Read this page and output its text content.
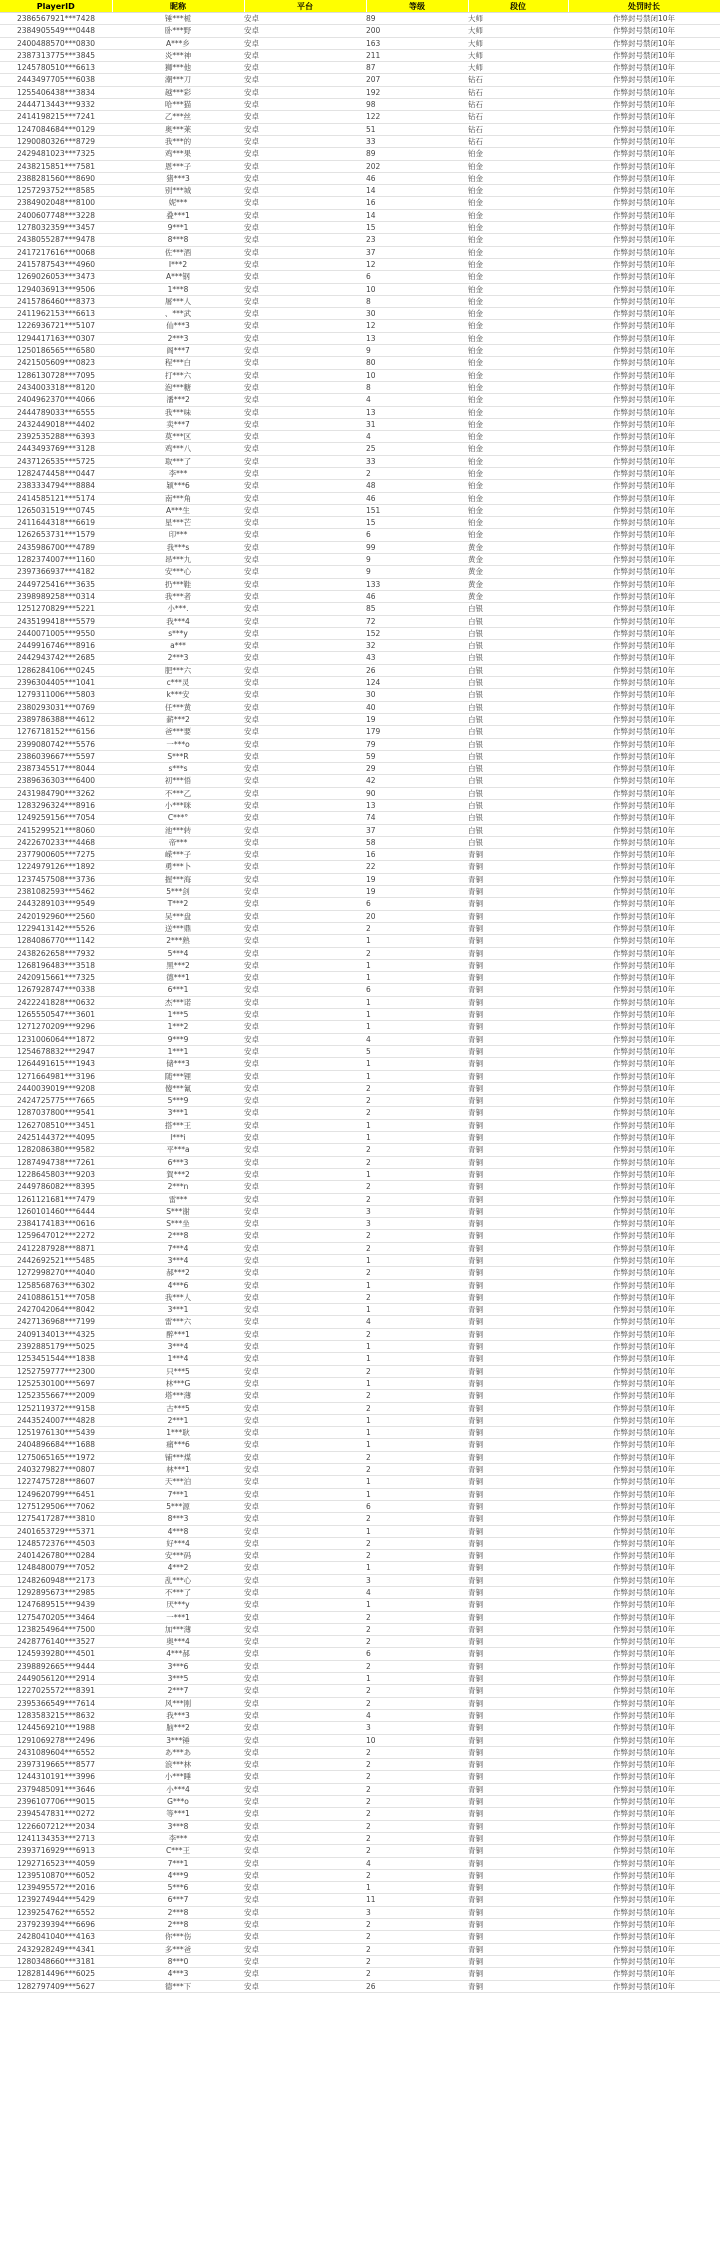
PlayerID	昵称	平台	等级	段位	处罚时长
2386567921***7428	锤***栀	安卓	89	大师	作弊封号禁闭10年
2384905549***0448	卧***野	安卓	200	大师	作弊封号禁闭10年
2400488570***0830	A***乡	安卓	163	大师	作弊封号禁闭10年
2387313775***3845	炎***神	安卓	211	大师	作弊封号禁闭10年
1245780510***6613	狮***他	安卓	87	大师	作弊封号禁闭10年
2443497705***6038	潮***刀	安卓	207	钻石	作弊封号禁闭10年
1255406438***3834	越***彩	安卓	192	钻石	作弊封号禁闭10年
2444713443***9332	哈***猫	安卓	98	钻石	作弊封号禁闭10年
2414198215***7241	乙***丝	安卓	122	钻石	作弊封号禁闭10年
1247084684***0129	奥***莱	安卓	51	钻石	作弊封号禁闭10年
1290080326***8729	我***的	安卓	33	钻石	作弊封号禁闭10年
2429481023***7325	鸡***果	安卓	89	铂金	作弊封号禁闭10年
2438215851***7581	恩***子	安卓	202	铂金	作弊封号禁闭10年
2388281560***8690	猪***3	安卓	46	铂金	作弊封号禁闭10年
1257293752***8585	别***城	安卓	14	铂金	作弊封号禁闭10年
2384902048***8100	妮***	安卓	16	铂金	作弊封号禁闭10年
2400607748***3228	叠***1	安卓	14	铂金	作弊封号禁闭10年
1278032359***3457	9***1	安卓	15	铂金	作弊封号禁闭10年
2438055287***9478	8***8	安卓	23	铂金	作弊封号禁闭10年
2417217616***0068	佐***酒	安卓	37	铂金	作弊封号禁闭10年
2415787543***4960	I***2	安卓	12	铂金	作弊封号禁闭10年
1269026053***3473	A***钢	安卓	6	铂金	作弊封号禁闭10年
1294036913***9506	1***8	安卓	10	铂金	作弊封号禁闭10年
2415786460***8373	屠***人	安卓	8	铂金	作弊封号禁闭10年
2411962153***6613	、***武	安卓	30	铂金	作弊封号禁闭10年
1226936721***5107	仙***3	安卓	12	铂金	作弊封号禁闭10年
1294417163***0307	2***3	安卓	13	铂金	作弊封号禁闭10年
1250186565***6580	阁***7	安卓	9	铂金	作弊封号禁闭10年
2421505609***0823	程***白	安卓	80	铂金	作弊封号禁闭10年
1286130728***7095	打***六	安卓	10	铂金	作弊封号禁闭10年
2434003318***8120	泡***糖	安卓	8	铂金	作弊封号禁闭10年
2404962370***4066	潘***2	安卓	4	铂金	作弊封号禁闭10年
2444789033***6555	我***味	安卓	13	铂金	作弊封号禁闭10年
2432449018***4402	卖***7	安卓	31	铂金	作弊封号禁闭10年
2392535288***6393	莫***区	安卓	4	铂金	作弊封号禁闭10年
2443493769***3128	鸡***八	安卓	25	铂金	作弊封号禁闭10年
2437126535***5725	取***了	安卓	33	铂金	作弊封号禁闭10年
1282474458***0447	李***	安卓	2	铂金	作弊封号禁闭10年
2383334794***8884	颖***6	安卓	48	铂金	作弊封号禁闭10年
2414585121***5174	南***角	安卓	46	铂金	作弊封号禁闭10年
1265031519***0745	A***生	安卓	151	铂金	作弊封号禁闭10年
2411644318***6619	星***芒	安卓	15	铂金	作弊封号禁闭10年
1262653731***1579	印***	安卓	6	铂金	作弊封号禁闭10年
2435986700***4789	我***s	安卓	99	黄金	作弊封号禁闭10年
1282374007***1160	昂***九	安卓	9	黄金	作弊封号禁闭10年
2397366937***4182	安***心	安卓	9	黄金	作弊封号禁闭10年
2449725416***3635	扔***鞋	安卓	133	黄金	作弊封号禁闭10年
2398989258***0314	我***者	安卓	46	黄金	作弊封号禁闭10年
1251270829***5221	小***.	安卓	85	白银	作弊封号禁闭10年
2435199418***5579	我***4	安卓	72	白银	作弊封号禁闭10年
2440071005***9550	s***y	安卓	152	白银	作弊封号禁闭10年
2449916746***8916	a***	安卓	32	白银	作弊封号禁闭10年
2442943742***2685	2***3	安卓	43	白银	作弊封号禁闭10年
1286284106***0245	肥***六	安卓	26	白银	作弊封号禁闭10年
2396304405***1041	c***灵	安卓	124	白银	作弊封号禁闭10年
1279311006***5803	k***安	安卓	30	白银	作弊封号禁闭10年
2380293031***0769	任***黄	安卓	40	白银	作弊封号禁闭10年
2389786388***4612	薪***2	安卓	19	白银	作弊封号禁闭10年
1276718152***6156	爸***要	安卓	179	白银	作弊封号禁闭10年
2399080742***5576	一***o	安卓	79	白银	作弊封号禁闭10年
2386039667***5597	S***R	安卓	59	白银	作弊封号禁闭10年
2387345517***8044	s***s	安卓	29	白银	作弊封号禁闭10年
2389636303***6400	初***悟	安卓	42	白银	作弊封号禁闭10年
2431984790***3262	不***乙	安卓	90	白银	作弊封号禁闭10年
1283296324***8916	小***咪	安卓	13	白银	作弊封号禁闭10年
1249259156***7054	C***°	安卓	74	白银	作弊封号禁闭10年
2415299521***8060	池***转	安卓	37	白银	作弊封号禁闭10年
2422670233***4468	帝***	安卓	58	白银	作弊封号禁闭10年
2377900605***7275	嵘***子	安卓	16	青铜	作弊封号禁闭10年
1224979126***1892	勇***卜	安卓	22	青铜	作弊封号禁闭10年
1237457508***3736	握***海	安卓	19	青铜	作弊封号禁闭10年
2381082593***5462	5***剑	安卓	19	青铜	作弊封号禁闭10年
2443289103***9549	T***2	安卓	6	青铜	作弊封号禁闭10年
2420192960***2560	吴***盘	安卓	20	青铜	作弊封号禁闭10年
1229413142***5526	送***鼎	安卓	2	青铜	作弊封号禁闭10年
1284086770***1142	2***熟	安卓	1	青铜	作弊封号禁闭10年
2438262658***7932	5***4	安卓	2	青铜	作弊封号禁闭10年
1268196483***3518	黑***2	安卓	1	青铜	作弊封号禁闭10年
2420915661***7325	德***1	安卓	1	青铜	作弊封号禁闭10年
1267928747***0338	6***1	安卓	6	青铜	作弊封号禁闭10年
2422241828***0632	杰***诺	安卓	1	青铜	作弊封号禁闭10年
1265550547***3601	1***5	安卓	1	青铜	作弊封号禁闭10年
1271270209***9296	1***2	安卓	1	青铜	作弊封号禁闭10年
1231006064***1872	9***9	安卓	4	青铜	作弊封号禁闭10年
1254678832***2947	1***1	安卓	5	青铜	作弊封号禁闭10年
1264491615***1943	储***3	安卓	1	青铜	作弊封号禁闭10年
1271664981***3196	随***锂	安卓	1	青铜	作弊封号禁闭10年
2440039019***9208	傻***氰	安卓	2	青铜	作弊封号禁闭10年
2424725775***7665	5***9	安卓	2	青铜	作弊封号禁闭10年
1287037800***9541	3***1	安卓	2	青铜	作弊封号禁闭10年
1262708510***3451	搭***王	安卓	1	青铜	作弊封号禁闭10年
2425144372***4095	l***i	安卓	1	青铜	作弊封号禁闭10年
1282086380***9582	平***a	安卓	2	青铜	作弊封号禁闭10年
1287494738***7261	6***3	安卓	2	青铜	作弊封号禁闭10年
1228645803***9203	賀***2	安卓	1	青铜	作弊封号禁闭10年
2449786082***8395	2***n	安卓	2	青铜	作弊封号禁闭10年
1261121681***7479	雷***	安卓	2	青铜	作弊封号禁闭10年
1260101460***6444	S***谢	安卓	3	青铜	作弊封号禁闭10年
2384174183***0616	S***坐	安卓	3	青铜	作弊封号禁闭10年
1259647012***2272	2***8	安卓	2	青铜	作弊封号禁闭10年
2412287928***8871	7***4	安卓	2	青铜	作弊封号禁闭10年
2442692521***5485	3***4	安卓	1	青铜	作弊封号禁闭10年
1272998270***4040	郝***2	安卓	2	青铜	作弊封号禁闭10年
1258568763***6302	4***6	安卓	1	青铜	作弊封号禁闭10年
2410886151***7058	我***人	安卓	2	青铜	作弊封号禁闭10年
2427042064***8042	3***1	安卓	1	青铜	作弊封号禁闭10年
2427136968***7199	雷***六	安卓	4	青铜	作弊封号禁闭10年
2409134013***4325	醉***1	安卓	2	青铜	作弊封号禁闭10年
2392885179***5025	3***4	安卓	1	青铜	作弊封号禁闭10年
1253451544***1838	1***4	安卓	1	青铜	作弊封号禁闭10年
1252759777***2300	只***5	安卓	2	青铜	作弊封号禁闭10年
1252530100***5697	林***G	安卓	1	青铜	作弊封号禁闭10年
1252355667***2009	塔***薄	安卓	2	青铜	作弊封号禁闭10年
1252119372***9158	古***5	安卓	2	青铜	作弊封号禁闭10年
2443524007***4828	2***1	安卓	1	青铜	作弊封号禁闭10年
1251976130***5439	1***耿	安卓	1	青铜	作弊封号禁闭10年
2404896684***1688	痛***6	安卓	1	青铜	作弊封号禁闭10年
1275065165***1972	铺***煤	安卓	2	青铜	作弊封号禁闭10年
2403279827***0807	林***1	安卓	2	青铜	作弊封号禁闭10年
1227475728***8607	天***泊	安卓	1	青铜	作弊封号禁闭10年
1249620799***6451	7***1	安卓	1	青铜	作弊封号禁闭10年
1275129506***7062	5***源	安卓	6	青铜	作弊封号禁闭10年
1275417287***3810	8***3	安卓	2	青铜	作弊封号禁闭10年
2401653729***5371	4***8	安卓	1	青铜	作弊封号禁闭10年
1248572376***4503	好***4	安卓	2	青铜	作弊封号禁闭10年
2401426780***0284	安***码	安卓	2	青铜	作弊封号禁闭10年
1248480079***7052	4***2	安卓	1	青铜	作弊封号禁闭10年
1248260948***2173	乱***心	安卓	3	青铜	作弊封号禁闭10年
1292895673***2985	不***了	安卓	4	青铜	作弊封号禁闭10年
1247689515***9439	厌***y	安卓	1	青铜	作弊封号禁闭10年
1275470205***3464	一***1	安卓	2	青铜	作弊封号禁闭10年
1238254964***7500	加***薄	安卓	2	青铜	作弊封号禁闭10年
2428776140***3527	奥***4	安卓	2	青铜	作弊封号禁闭10年
1245939280***4501	4***郝	安卓	6	青铜	作弊封号禁闭10年
2398892665***9444	3***6	安卓	2	青铜	作弊封号禁闭10年
2449056120***2914	3***5	安卓	1	青铜	作弊封号禁闭10年
1227025572***8391	2***7	安卓	2	青铜	作弊封号禁闭10年
2395366549***7614	风***刚	安卓	2	青铜	作弊封号禁闭10年
1283583215***8632	我***3	安卓	4	青铜	作弊封号禁闭10年
1244569210***1988	脑***2	安卓	3	青铜	作弊封号禁闭10年
1291069278***2496	3***锤	安卓	10	青铜	作弊封号禁闭10年
2431089604***6552	あ***あ	安卓	2	青铜	作弊封号禁闭10年
2397319665***8577	浪***林	安卓	2	青铜	作弊封号禁闭10年
1244310191***3996	小***睡	安卓	2	青铜	作弊封号禁闭10年
2379485091***3646	小***4	安卓	2	青铜	作弊封号禁闭10年
2396107706***9015	G***o	安卓	2	青铜	作弊封号禁闭10年
2394547831***0272	等***1	安卓	2	青铜	作弊封号禁闭10年
1226607212***2034	3***8	安卓	2	青铜	作弊封号禁闭10年
1241134353***2713	李***	安卓	2	青铜	作弊封号禁闭10年
2393716929***6913	C***王	安卓	2	青铜	作弊封号禁闭10年
1292716523***4059	7***1	安卓	4	青铜	作弊封号禁闭10年
1239510870***6052	4***9	安卓	2	青铜	作弊封号禁闭10年
1239495572***2016	5***6	安卓	1	青铜	作弊封号禁闭10年
1239274944***5429	6***7	安卓	11	青铜	作弊封号禁闭10年
1239254762***6552	2***8	安卓	3	青铜	作弊封号禁闭10年
2379239394***6696	2***8	安卓	2	青铜	作弊封号禁闭10年
2428041040***4163	你***伤	安卓	2	青铜	作弊封号禁闭10年
2432928249***4341	多***爸	安卓	2	青铜	作弊封号禁闭10年
1280348660***3181	8***0	安卓	2	青铜	作弊封号禁闭10年
1282814496***6025	4***3	安卓	2	青铜	作弊封号禁闭10年
1282797409***5627	德***下	安卓	26	青铜	作弊封号禁闭10年
